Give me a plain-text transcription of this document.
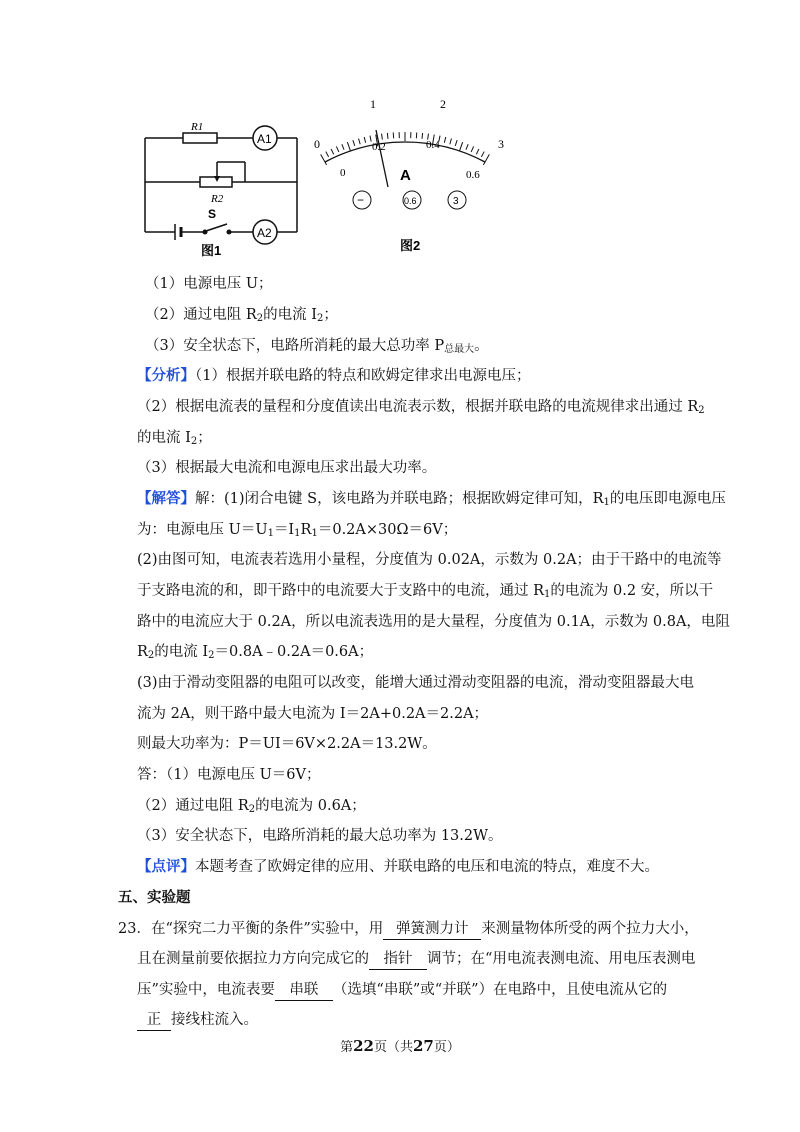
R1
R2
S
A1
A2
图1
0
1	2
3
0
0.2	0.4
0.6
A
−	0.6	3
图2
（1）电源电压 U；
（2）通过电阻 $R_2$的电流 $I_2$；
（3）安全状态下，电路所消耗的最大总功率 $P_{总最大}$。
【分析】（1）根据并联电路的特点和欧姆定律求出电源电压；
（2）根据电流表的量程和分度值读出电流表示数，根据并联电路的电流规律求出通过 $R_2$
的电流 $I_2$；
（3）根据最大电流和电源电压求出最大功率。
【解答】解：(1)闭合电键 S，该电路为并联电路；根据欧姆定律可知，$R_1$的电压即电源电压
为：电源电压 $U=U_1=I_1R_1=0.2A\times 30\Omega=6V$；
(2)由图可知，电流表若选用小量程，分度值为 0.02A，示数为 0.2A；由于干路中的电流等
于支路电流的和，即干路中的电流要大于支路中的电流，通过 $R_1$的电流为 0.2 安，所以干
路中的电流应大于 0.2A，所以电流表选用的是大量程，分度值为 0.1A，示数为 0.8A，电阻
$R_2$的电流 $I_2=0.8A﹣0.2A=0.6A$；
(3)由于滑动变阻器的电阻可以改变，能增大通过滑动变阻器的电流，滑动变阻器最大电
流为 2A，则干路中最大电流为 I＝2A+0.2A＝2.2A；
则最大功率为：P＝UI＝6V×2.2A＝13.2W。
答：（1）电源电压 U＝6V；
（2）通过电阻 $R_2$的电流为 0.6A；
（3）安全状态下，电路所消耗的最大总功率为 13.2W。
【点评】本题考查了欧姆定律的应用、并联电路的电压和电流的特点，难度不大。
五、实验题
23．在“探究二力平衡的条件”实验中，用 弹簧测力计 来测量物体所受的两个拉力大小，
且在测量前要依据拉力方向完成它的 指针 调节；在“用电流表测电流、用电压表测电
压”实验中，电流表要 串联 （选填“串联”或“并联”）在电路中，且使电流从它的
正 接线柱流入。
第22页（共27页）
